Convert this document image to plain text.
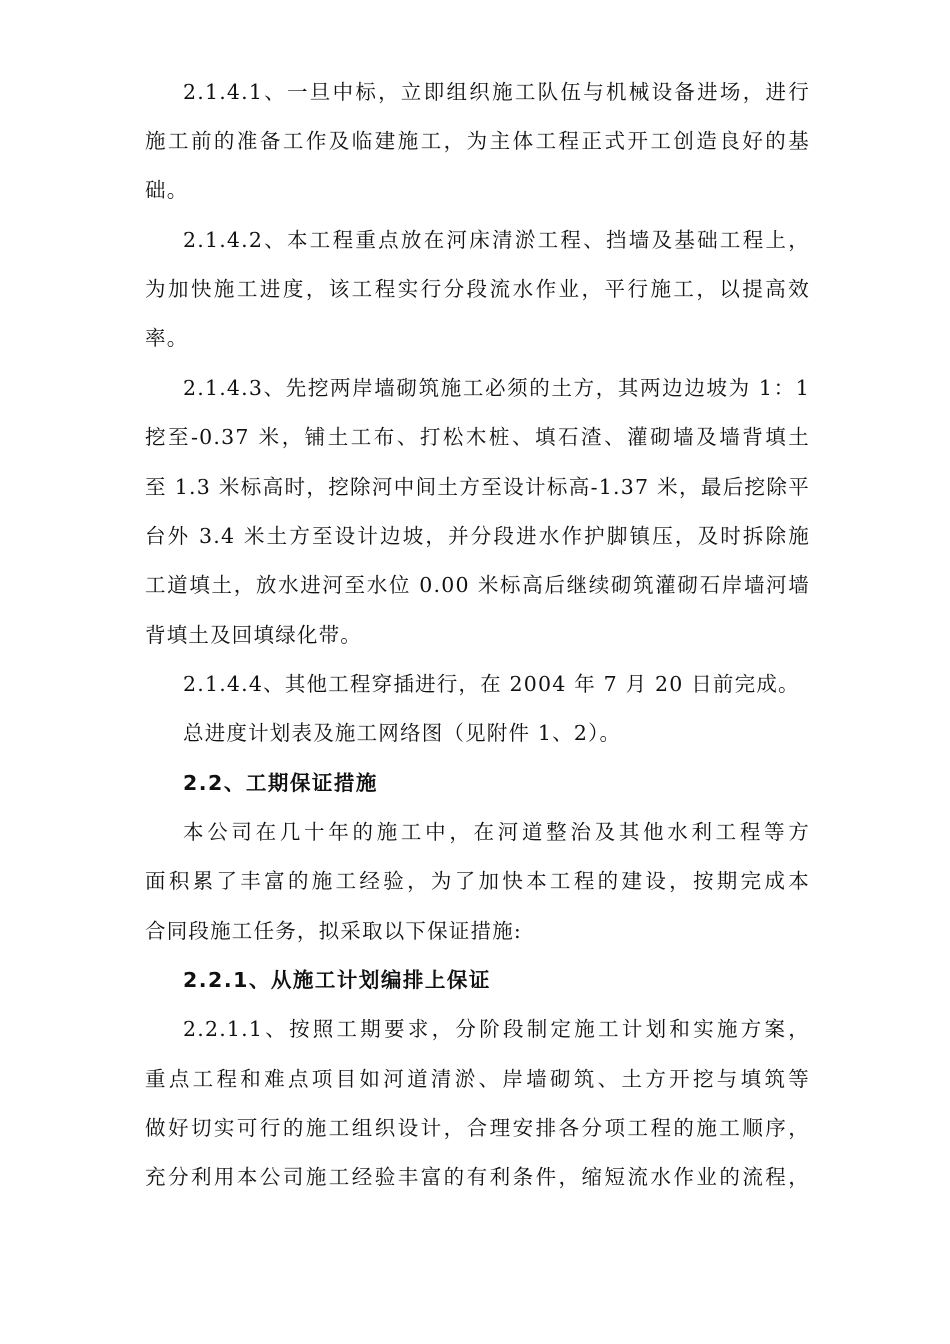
2.1.4.1、一旦中标，立即组织施工队伍与机械设备进场，进行
施工前的准备工作及临建施工，为主体工程正式开工创造良好的基
础。
2.1.4.2、本工程重点放在河床清淤工程、挡墙及基础工程上，
为加快施工进度，该工程实行分段流水作业，平行施工，以提高效
率。
2.1.4.3、先挖两岸墙砌筑施工必须的土方，其两边边坡为 1：1
挖至-0.37 米，铺土工布、打松木桩、填石渣、灌砌墙及墙背填土
至 1.3 米标高时，挖除河中间土方至设计标高-1.37 米，最后挖除平
台外 3.4 米土方至设计边坡，并分段进水作护脚镇压，及时拆除施
工道填土，放水进河至水位 0.00 米标高后继续砌筑灌砌石岸墙河墙
背填土及回填绿化带。
2.1.4.4、其他工程穿插进行，在 2004 年 7 月 20 日前完成。
总进度计划表及施工网络图（见附件 1、2）。
2.2、工期保证措施
本公司在几十年的施工中，在河道整治及其他水利工程等方
面积累了丰富的施工经验，为了加快本工程的建设，按期完成本
合同段施工任务，拟采取以下保证措施:
2.2.1、从施工计划编排上保证
2.2.1.1、按照工期要求，分阶段制定施工计划和实施方案，
重点工程和难点项目如河道清淤、岸墙砌筑、土方开挖与填筑等
做好切实可行的施工组织设计，合理安排各分项工程的施工顺序，
充分利用本公司施工经验丰富的有利条件，缩短流水作业的流程，
